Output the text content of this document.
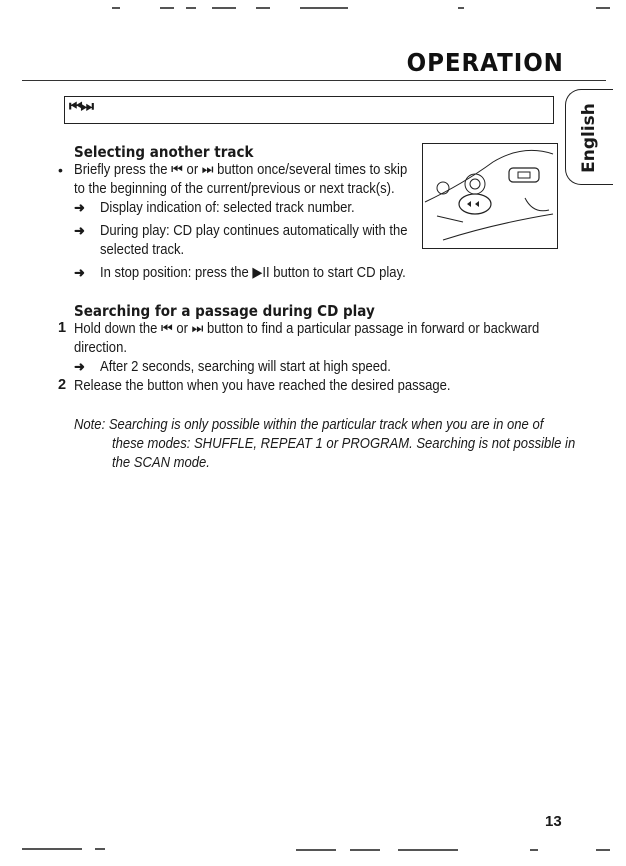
OPERATION
⏮⏭	English
Selecting another track
• Briefly press the ⏮ or ⏭ button once/several times to skip
to the beginning of the current/previous or next track(s).
➜ Display indication of: selected track number.
➜ During play: CD play continues automatically with the
selected track.
➜ In stop position: press the ▶II button to start CD play.
Searching for a passage during CD play
1 Hold down the ⏮ or ⏭ button to find a particular passage in forward or backward
direction.
➜ After 2 seconds, searching will start at high speed.
2 Release the button when you have reached the desired passage.
Note: Searching is only possible within the particular track when you are in one of
these modes: SHUFFLE, REPEAT 1 or PROGRAM. Searching is not possible in
the SCAN mode.
13
